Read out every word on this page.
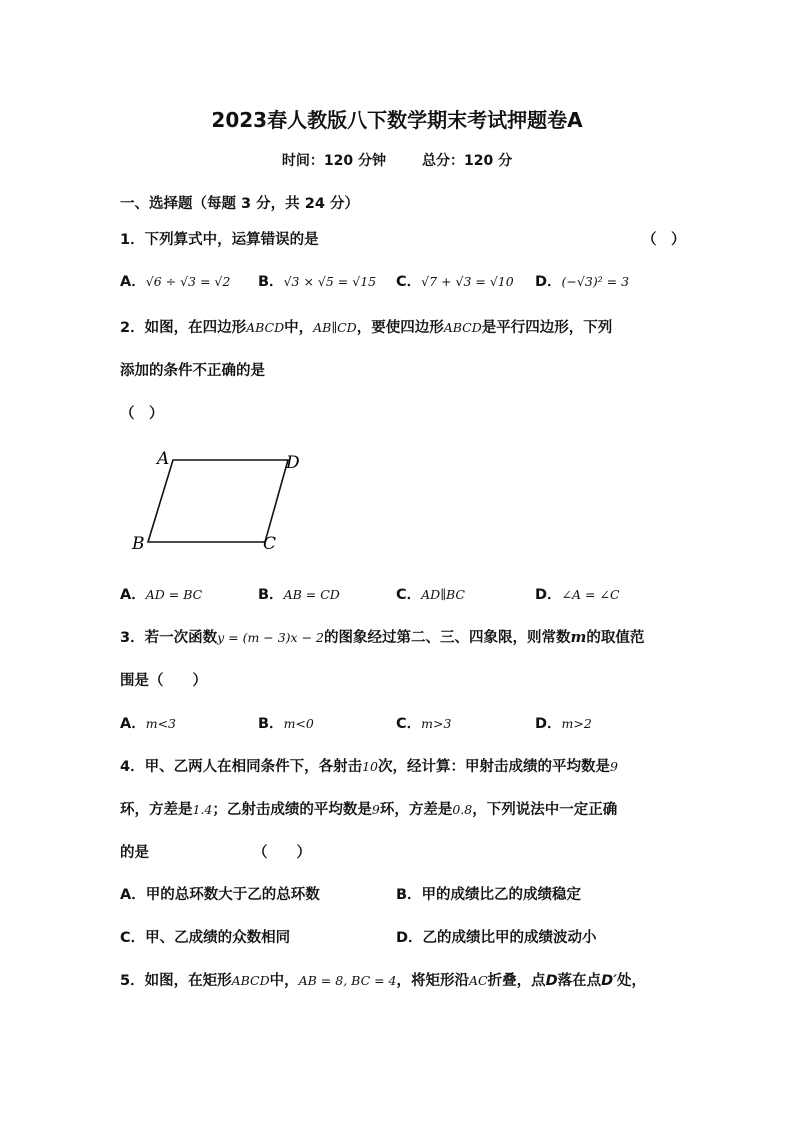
2023春人教版八下数学期末考试押题卷A
时间：120 分钟	总分：120 分
一、选择题（每题 3 分，共 24 分）
1．下列算式中，运算错误的是	（　）
A．√6 ÷ √3 = √2 B．√3 × √5 = √15 C．√7 + √3 = √10 D．(−√3)² = 3
2．如图，在四边形ABCD中，AB∥CD，要使四边形ABCD是平行四边形，下列
添加的条件不正确的是
（　）
A	D
B	C
A．AD = BC	B．AB = CD	C．AD∥BC	D．∠A = ∠C
3．若一次函数y = (m − 3)x − 2的图象经过第二、三、四象限，则常数m的取值范
围是（　　）
A．m<3	B．m<0	C．m>3	D．m>2
4．甲、乙两人在相同条件下，各射击10次，经计算：甲射击成绩的平均数是9
环，方差是1.4；乙射击成绩的平均数是9环，方差是0.8，下列说法中一定正确
的是	（　　）
A．甲的总环数大于乙的总环数	B．甲的成绩比乙的成绩稳定
C．甲、乙成绩的众数相同	D．乙的成绩比甲的成绩波动小
5．如图，在矩形ABCD中，AB = 8, BC = 4，将矩形沿AC折叠，点D落在点D′处，
